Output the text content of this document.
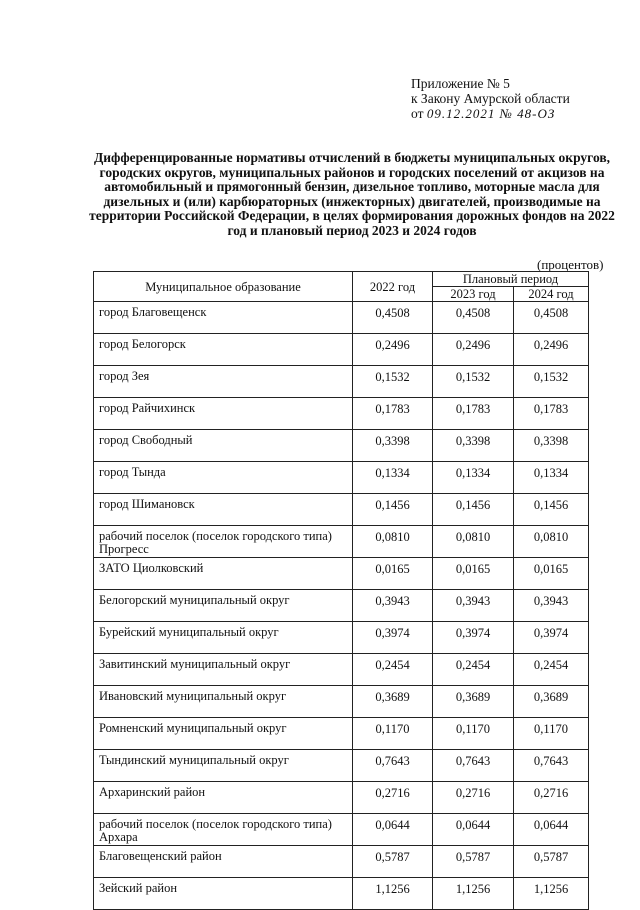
Приложение № 5
к Закону Амурской области
от 09.12.2021 № 48-ОЗ
Дифференцированные нормативы отчислений в бюджеты муниципальных округов, городских округов, муниципальных районов и городских поселений от акцизов на автомобильный и прямогонный бензин, дизельное топливо, моторные масла для дизельных и (или) карбюраторных (инжекторных) двигателей, производимые на территории Российской Федерации, в целях формирования дорожных фондов на 2022 год и плановый период 2023 и 2024 годов
(процентов)
Муниципальное образование	2022 год	Плановый период	
		2023 год	2024 год
город Благовещенск	0,4508	0,4508	0,4508
город Белогорск	0,2496	0,2496	0,2496
город Зея	0,1532	0,1532	0,1532
город Райчихинск	0,1783	0,1783	0,1783
город Свободный	0,3398	0,3398	0,3398
город Тында	0,1334	0,1334	0,1334
город Шимановск	0,1456	0,1456	0,1456
рабочий поселок (поселок городского типа) Прогресс	0,0810	0,0810	0,0810
ЗАТО Циолковский	0,0165	0,0165	0,0165
Белогорский муниципальный округ	0,3943	0,3943	0,3943
Бурейский муниципальный округ	0,3974	0,3974	0,3974
Завитинский муниципальный округ	0,2454	0,2454	0,2454
Ивановский муниципальный округ	0,3689	0,3689	0,3689
Ромненский муниципальный округ	0,1170	0,1170	0,1170
Тындинский муниципальный округ	0,7643	0,7643	0,7643
Архаринский район	0,2716	0,2716	0,2716
рабочий поселок (поселок городского типа) Архара	0,0644	0,0644	0,0644
Благовещенский район	0,5787	0,5787	0,5787
Зейский район	1,1256	1,1256	1,1256
